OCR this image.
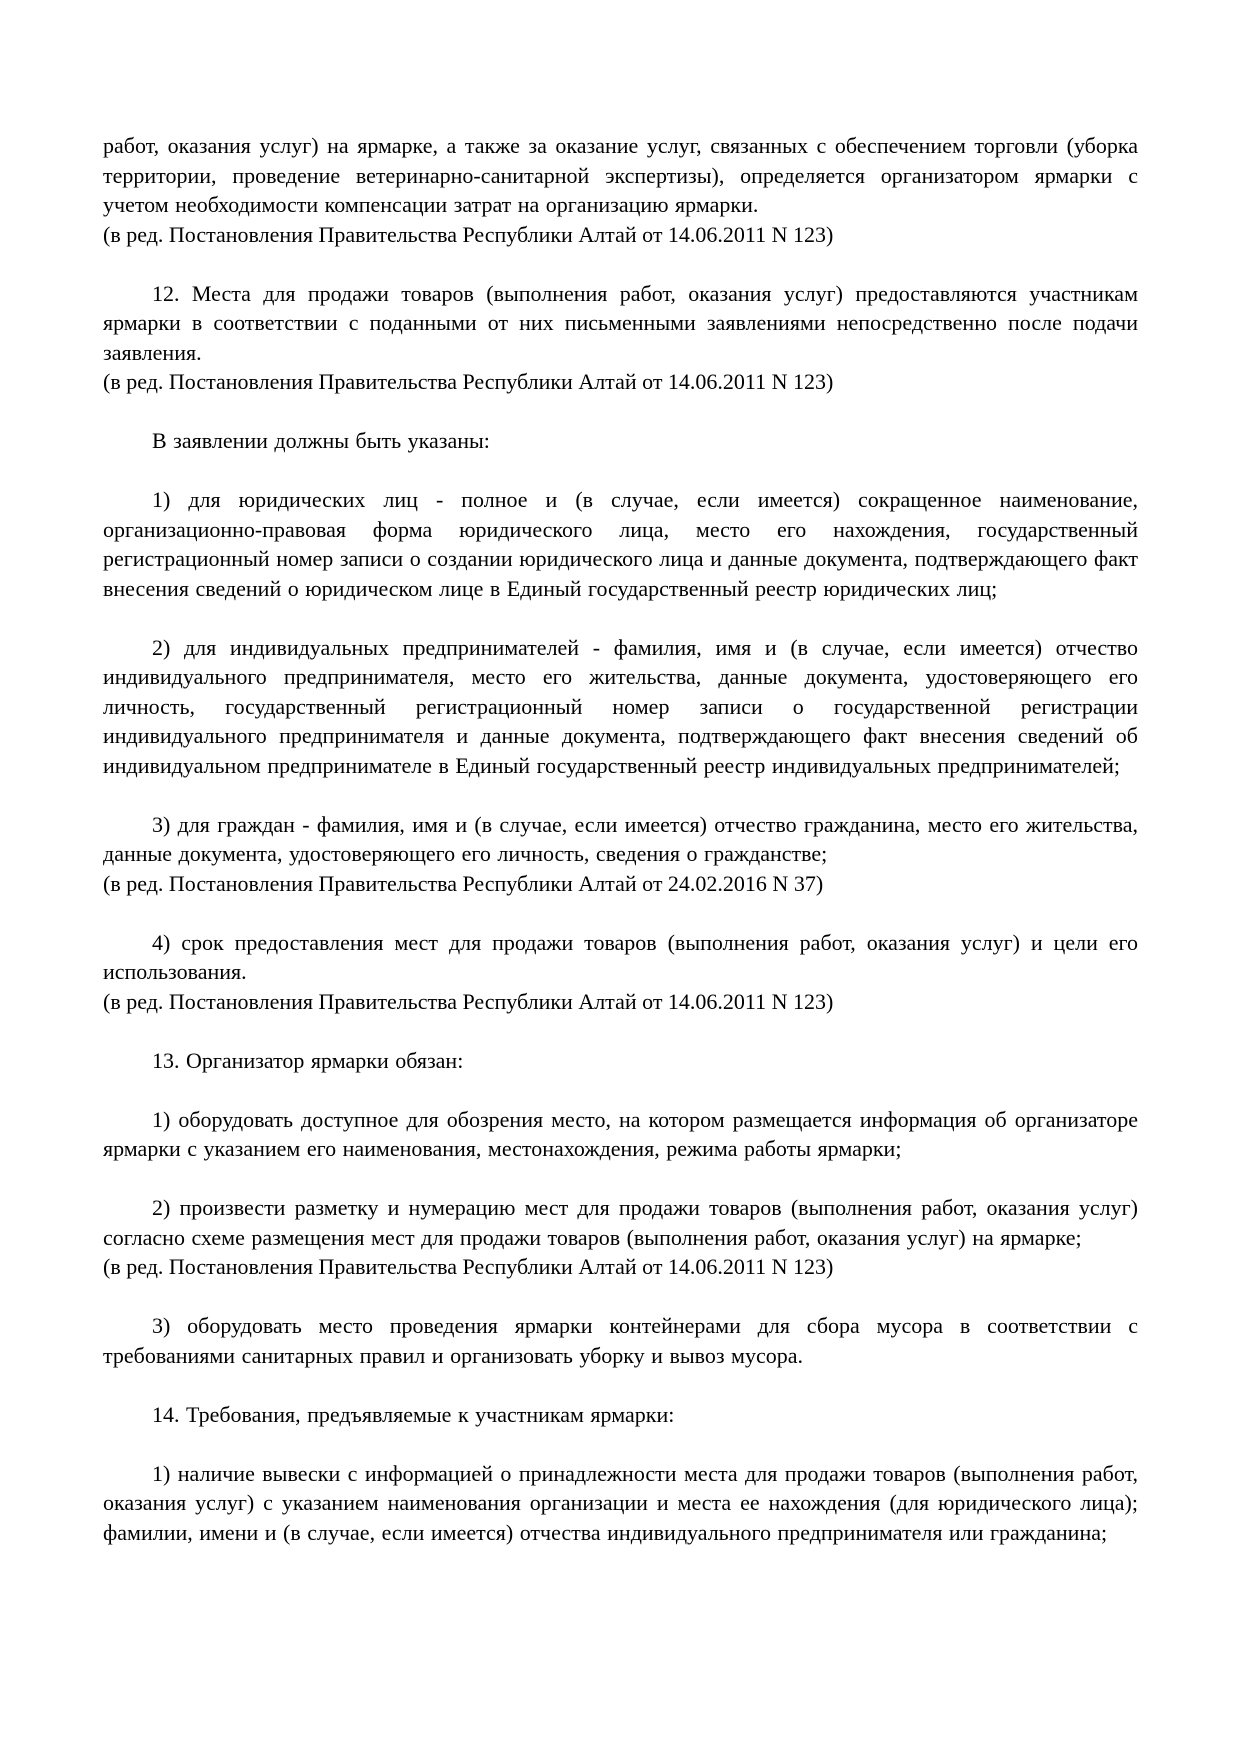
работ, оказания услуг) на ярмарке, а также за оказание услуг, связанных с обеспечением торговли (уборка территории, проведение ветеринарно-санитарной экспертизы), определяется организатором ярмарки с учетом необходимости компенсации затрат на организацию ярмарки.

(в ред. Постановления Правительства Республики Алтай от 14.06.2011 N 123)

12. Места для продажи товаров (выполнения работ, оказания услуг) предоставляются участникам ярмарки в соответствии с поданными от них письменными заявлениями непосредственно после подачи заявления.

(в ред. Постановления Правительства Республики Алтай от 14.06.2011 N 123)

В заявлении должны быть указаны:

1) для юридических лиц - полное и (в случае, если имеется) сокращенное наименование, организационно-правовая форма юридического лица, место его нахождения, государственный регистрационный номер записи о создании юридического лица и данные документа, подтверждающего факт внесения сведений о юридическом лице в Единый государственный реестр юридических лиц;

2) для индивидуальных предпринимателей - фамилия, имя и (в случае, если имеется) отчество индивидуального предпринимателя, место его жительства, данные документа, удостоверяющего его личность, государственный регистрационный номер записи о государственной регистрации индивидуального предпринимателя и данные документа, подтверждающего факт внесения сведений об индивидуальном предпринимателе в Единый государственный реестр индивидуальных предпринимателей;

3) для граждан - фамилия, имя и (в случае, если имеется) отчество гражданина, место его жительства, данные документа, удостоверяющего его личность, сведения о гражданстве;

(в ред. Постановления Правительства Республики Алтай от 24.02.2016 N 37)

4) срок предоставления мест для продажи товаров (выполнения работ, оказания услуг) и цели его использования.

(в ред. Постановления Правительства Республики Алтай от 14.06.2011 N 123)

13. Организатор ярмарки обязан:

1) оборудовать доступное для обозрения место, на котором размещается информация об организаторе ярмарки с указанием его наименования, местонахождения, режима работы ярмарки;

2) произвести разметку и нумерацию мест для продажи товаров (выполнения работ, оказания услуг) согласно схеме размещения мест для продажи товаров (выполнения работ, оказания услуг) на ярмарке;

(в ред. Постановления Правительства Республики Алтай от 14.06.2011 N 123)

3) оборудовать место проведения ярмарки контейнерами для сбора мусора в соответствии с требованиями санитарных правил и организовать уборку и вывоз мусора.

14. Требования, предъявляемые к участникам ярмарки:

1) наличие вывески с информацией о принадлежности места для продажи товаров (выполнения работ, оказания услуг) с указанием наименования организации и места ее нахождения (для юридического лица); фамилии, имени и (в случае, если имеется) отчества индивидуального предпринимателя или гражданина;
